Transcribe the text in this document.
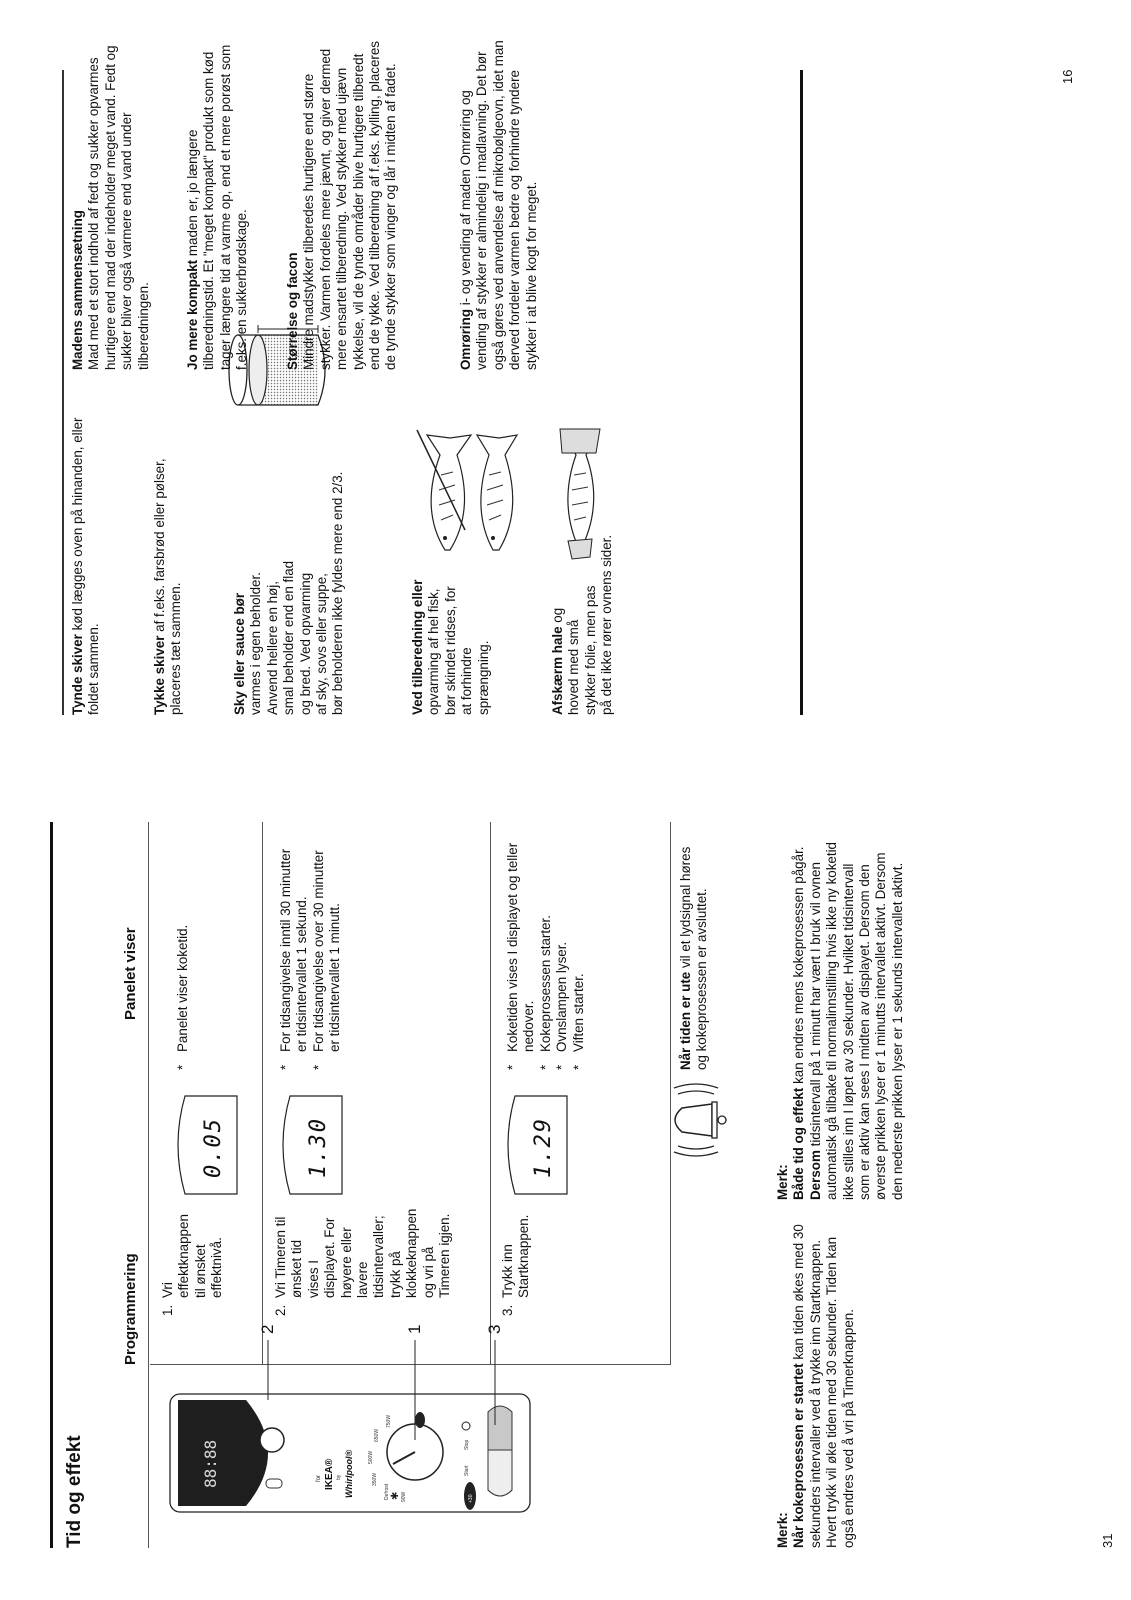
31
Tid og effekt
Programmering
Panelet viser
88:88	for IKEA® by Whirlpool®	90W
Defrost
350W
500W
650W
750W
✱	+30
Start
Stop
2	1	3
1.
Vri effektknappen til ønsket effektnivå.
0.05
* Panelet viser koketid.
2.
Vri Timeren til ønsket tid vises I displayet. For høyere eller lavere tidsintervaller; trykk på klokkeknappen og vri på Timeren igjen.
1.30
* For tidsangivelse inntil 30 minutter er tidsintervallet 1 sekund. * For tidsangivelse over 30 minutter er tidsintervallet 1 minutt.
3.
Trykk inn Startknappen.
1.29
* Koketiden vises I displayet og teller nedover. * Kokeprosessen starter. * Ovnslampen lyser. * Viften starter.	Når tiden er ute vil et lydsignal høres og kokeprosessen er avsluttet.
Merk: Når kokeprosessen er startet kan tiden økes med 30 sekunders intervaller ved å trykke inn Startknappen. Hvert trykk vil øke tiden med 30 sekunder. Tiden kan også endres ved å vri på Timerknappen.
Merk: Både tid og effekt kan endres mens kokeprosessen pågår.
Dersom tidsintervall på 1 minutt har vært I bruk vil ovnen automatisk gå tilbake til normalinnstilling hvis ikke ny koketid ikke stilles inn I løpet av 30 sekunder. Hvilket tidsintervall som er aktiv kan sees I midten av displayet. Dersom den øverste prikken lyser er 1 minutts intervallet aktivt. Dersom den nederste prikken lyser er 1 sekunds intervallet aktivt.
16
Tynde skiver kød lægges oven på hinanden, eller foldet sammen.	Tykke skiver af f.eks. farsbrød eller pølser, placeres tæt sammen.	Sky eller sauce bør varmes i egen beholder. Anvend hellere en høj, smal beholder end en flad og bred. Ved opvarming af sky, sovs eller suppe, bør beholderen ikke fyldes mere end 2/3.	Ved tilberedning eller opvarming af hel fisk, bør skindet ridses, for at forhindre sprængning.	Afskærm hale og
hoved med små stykker folie, men pas på det ikke rører ovnens sider.
Madens sammensætning Mad med et stort indhold af fedt og sukker opvarmes hurtigere end mad der indeholder meget vand. Fedt og sukker bliver også varmere end vand under tilberedningen.	Jo mere kompakt maden er, jo længere tilberedningstid. Et "meget kompakt" produkt som kød tager længere tid at varme op, end et mere porøst som f.eks. en sukkerbrødskage.	Størrelse og facon Mindre madstykker tilberedes hurtigere end større stykker. Varmen fordeles mere jævnt, og giver dermed mere ensartet tilberedning. Ved stykker med ujævn tykkelse, vil de tynde områder blive hurtigere tilberedt end de tykke. Ved tilberedning af f.eks. kylling, placeres de tynde stykker som vinger og lår i midten af fadet.	Omrøring i- og vending af maden Omrøring og vending af stykker er almindelig i madlavning. Det bør også gøres ved anvendelse af mikrobølgeovn, idet man derved fordeler varmen bedre og forhindre tyndere stykker i at blive kogt for meget.
